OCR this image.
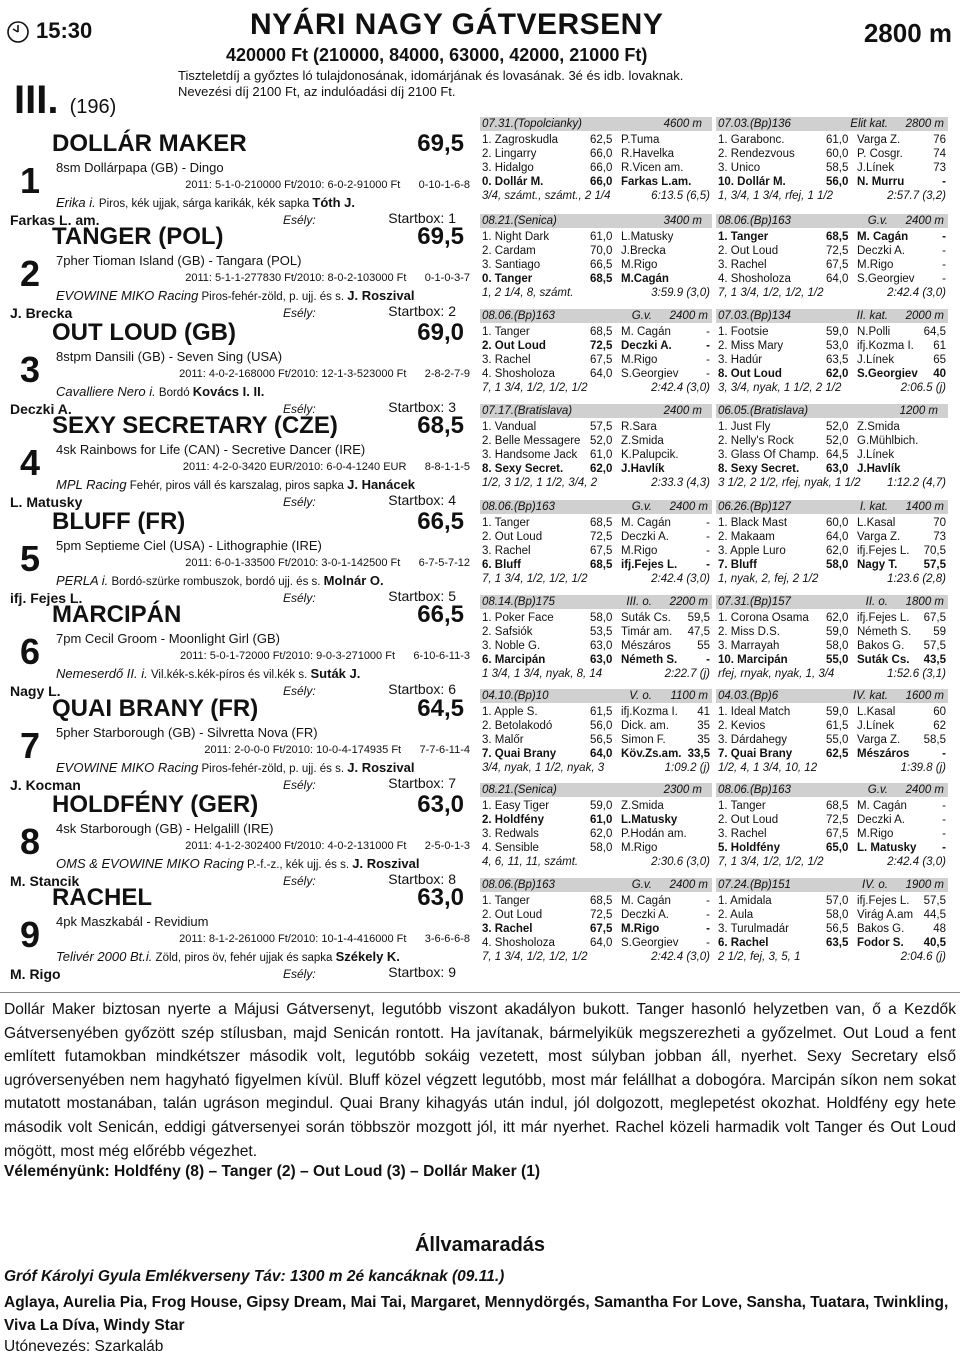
15:30
III. (196)
NYÁRI NAGY GÁTVERSENY	2800 m
420000 Ft (210000, 84000, 63000, 42000, 21000 Ft)
Tiszteletdíj a győztes ló tulajdonosának, idomárjának és lovasának. 3é és idb. lovaknak.
Nevezési díj 2100 Ft, az indulóadási díj 2100 Ft.
1
DOLLÁR MAKER	69,5
8sm Dollárpapa (GB) - Dingo
2011: 5-1-0-210000 Ft/2010: 6-0-2-91000 Ft      0-10-1-6-8
Erika i. Piros, kék ujjak, sárga karikák, kék sapka Tóth J.
Farkas L. am.	Esély:	Startbox: 1
2
TANGER (POL)	69,5
7pher Tioman Island (GB) - Tangara (POL)
2011: 5-1-1-277830 Ft/2010: 8-0-2-103000 Ft      0-1-0-3-7
EVOWINE MIKO Racing Piros-fehér-zöld, p. ujj. és s. J. Roszival
J. Brecka	Esély:	Startbox: 2
3
OUT LOUD (GB)	69,0
8stpm Dansili (GB) - Seven Sing (USA)
2011: 4-0-2-168000 Ft/2010: 12-1-3-523000 Ft      2-8-2-7-9
Cavalliere Nero i. Bordó Kovács I. II.
Deczki A.	Esély:	Startbox: 3
4
SEXY SECRETARY (CZE)	68,5
4sk Rainbows for Life (CAN) - Secretive Dancer (IRE)
2011: 4-2-0-3420 EUR/2010: 6-0-4-1240 EUR      8-8-1-1-5
MPL Racing Fehér, piros váll és karszalag, piros sapka J. Hanácek
L. Matusky	Esély:	Startbox: 4
5
BLUFF (FR)	66,5
5pm Septieme Ciel (USA) - Lithographie (IRE)
2011: 6-0-1-33500 Ft/2010: 3-0-1-142500 Ft      6-7-5-7-12
PERLA i. Bordó-szürke rombuszok, bordó ujj. és s. Molnár O.
ifj. Fejes L.	Esély:	Startbox: 5
6
MARCIPÁN	66,5
7pm Cecil Groom - Moonlight Girl (GB)
2011: 5-0-1-72000 Ft/2010: 9-0-3-271000 Ft      6-10-6-11-3
Nemeserdő II. i. Vil.kék-s.kék-píros és vil.kék s. Suták J.
Nagy L.	Esély:	Startbox: 6
7
QUAI BRANY (FR)	64,5
5pher Starborough (GB) - Silvretta Nova (FR)
2011: 2-0-0-0 Ft/2010: 10-0-4-174935 Ft      7-7-6-11-4
EVOWINE MIKO Racing Piros-fehér-zöld, p. ujj. és s. J. Roszival
J. Kocman	Esély:	Startbox: 7
8
HOLDFÉNY (GER)	63,0
4sk Starborough (GB) - Helgalill (IRE)
2011: 4-1-2-302400 Ft/2010: 4-0-2-131000 Ft      2-5-0-1-3
OMS & EVOWINE MIKO Racing P.-f.-z., kék ujj. és s. J. Roszival
M. Stancik	Esély:	Startbox: 8
9
RACHEL	63,0
4pk Maszkabál - Revidium
2011: 8-1-2-261000 Ft/2010: 10-1-4-416000 Ft      3-6-6-6-8
Telivér 2000 Bt.i. Zöld, piros öv, fehér ujjak és sapka Székely K.
M. Rigo	Esély:	Startbox: 9
07.31.(Topolcianky)	4600 m
1. Zagroskudla	62,5 P.Tuma
2. Lingarry	66,0 R.Havelka
3. Hidalgo	66,0 R.Vicen am.
0. Dollár M.	66,0 Farkas L.am.
3/4, számt., számt., 2 1/4	6:13.5 (6,5)
07.03.(Bp)136	Elit kat. 2800 m
1. Garabonc.	61,0 Varga Z.	76
2. Rendezvous	60,0 P. Cosgr.	74
3. Unico	58,5 J.Línek	73
10. Dollár M.	56,0 N. Murru	-
1, 3/4, 1 3/4, rfej, 1 1/2	2:57.7 (3,2)
08.21.(Senica)	3400 m
1. Night Dark	61,0 L.Matusky
2. Cardam	70,0 J.Brecka
3. Santiago	66,5 M.Rigo
0. Tanger	68,5 M.Cagán
1, 2 1/4, 8, számt.	3:59.9 (3,0)
08.06.(Bp)163	G.v. 2400 m
1. Tanger	68,5 M. Cagán	-
2. Out Loud	72,5 Deczki A.	-
3. Rachel	67,5 M.Rigo	-
4. Shosholoza	64,0 S.Georgiev -
7, 1 3/4, 1/2, 1/2, 1/2	2:42.4 (3,0)
08.06.(Bp)163	G.v. 2400 m
1. Tanger	68,5 M. Cagán	-
2. Out Loud	72,5 Deczki A.	-
3. Rachel	67,5 M.Rigo	-
4. Shosholoza	64,0 S.Georgiev -
7, 1 3/4, 1/2, 1/2, 1/2	2:42.4 (3,0)
07.03.(Bp)134	II. kat. 2000 m
1. Footsie	59,0 N.Polli	64,5
2. Miss Mary	53,0 ifj.Kozma I. 61
3. Hadúr	63,5 J.Línek	65
8. Out Loud	62,0 S.Georgiev 40
3, 3/4, nyak, 1 1/2, 2 1/2	2:06.5 (j)
07.17.(Bratislava)	2400 m
1. Vandual	57,5 R.Sara
2. Belle Messagere 52,0 Z.Smida
3. Handsome Jack 61,0 K.Palupcik.
8. Sexy Secret. 62,0 J.Havlík
1/2, 3 1/2, 1 1/2, 3/4, 2	2:33.3 (4,3)
06.05.(Bratislava)	1200 m
1. Just Fly	52,0 Z.Smida
2. Nelly's Rock	52,0 G.Mühlbich.
3. Glass Of Champ. 64,5 J.Línek
8. Sexy Secret. 63,0 J.Havlík
3 1/2, 2 1/2, rfej, nyak, 1 1/2 1:12.2 (4,7)
08.06.(Bp)163	G.v. 2400 m
1. Tanger	68,5 M. Cagán	-
2. Out Loud	72,5 Deczki A.	-
3. Rachel	67,5 M.Rigo	-
6. Bluff	68,5 ifj.Fejes L.	-
7, 1 3/4, 1/2, 1/2, 1/2	2:42.4 (3,0)
06.26.(Bp)127	I. kat. 1400 m
1. Black Mast	60,0 L.Kasal	70
2. Makaam	64,0 Varga Z.	73
3. Apple Luro	62,0 ifj.Fejes L. 70,5
7. Bluff	58,0 Nagy T. 57,5
1, nyak, 2, fej, 2 1/2	1:23.6 (2,8)
08.14.(Bp)175	III. o. 2200 m
1. Poker Face	58,0 Suták Cs. 59,5
2. Safsiók	53,5 Timár am. 47,5
3. Noble G.	63,0 Mészáros 55
6. Marcipán	63,0 Németh S.	-
1 3/4, 1 3/4, nyak, 8, 14	2:22.7 (j)
07.31.(Bp)157	II. o. 1800 m
1. Corona Osama 62,0 ifj.Fejes L. 67,5
2. Miss D.S.	59,0 Németh S. 59
3. Marrayah	58,0 Bakos G. 57,5
10. Marcipán	55,0 Suták Cs. 43,5
rfej, rnyak, nyak, 1, 3/4	1:52.6 (3,1)
04.10.(Bp)10	V. o. 1100 m
1. Apple S.	61,5 ifj.Kozma I. 41
2. Betolakodó	56,0 Dick. am. 35
3. Malőr	56,5 Simon F.	35
7. Quai Brany	64,0 Köv.Zs.am. 33,5
3/4, nyak, 1 1/2, nyak, 3	1:09.2 (j)
04.03.(Bp)6	IV. kat. 1600 m
1. Ideal Match	59,0 L.Kasal	60
2. Kevios	61,5 J.Línek	62
3. Dárdahegy	55,0 Varga Z. 58,5
7. Quai Brany	62,5 Mészáros	-
1/2, 4, 1 3/4, 10, 12	1:39.8 (j)
08.21.(Senica)	2300 m
1. Easy Tiger	59,0 Z.Smida
2. Holdfény	61,0 L.Matusky
3. Redwals	62,0 P.Hodán am.
4. Sensible	58,0 M.Rigo
4, 6, 11, 11, számt.	2:30.6 (3,0)
08.06.(Bp)163	G.v. 2400 m
1. Tanger	68,5 M. Cagán	-
2. Out Loud	72,5 Deczki A.	-
3. Rachel	67,5 M.Rigo	-
5. Holdfény	65,0 L. Matusky -
7, 1 3/4, 1/2, 1/2, 1/2	2:42.4 (3,0)
08.06.(Bp)163	G.v. 2400 m
1. Tanger	68,5 M. Cagán	-
2. Out Loud	72,5 Deczki A.	-
3. Rachel	67,5 M.Rigo	-
4. Shosholoza	64,0 S.Georgiev -
7, 1 3/4, 1/2, 1/2, 1/2	2:42.4 (3,0)
07.24.(Bp)151	IV. o. 1900 m
1. Amidala	57,0 ifj.Fejes L. 57,5
2. Aula	58,0 Virág A.am 44,5
3. Turulmadár	56,5 Bakos G.	48
6. Rachel	63,5 Fodor S. 40,5
2 1/2, fej, 3, 5, 1	2:04.6 (j)
Dollár Maker biztosan nyerte a Májusi Gátversenyt, legutóbb viszont akadályon bukott. Tanger hasonló helyzetben van, ő a Kezdők Gátversenyében győzött szép stílusban, majd Senicán rontott. Ha javítanak, bármelyikük megszerezheti a győzelmet. Out Loud a fent említett futamokban mindkétszer második volt, legutóbb sokáig vezetett, most súlyban jobban áll, nyerhet. Sexy Secretary első ugróversenyében nem hagyható figyelmen kívül. Bluff közel végzett legutóbb, most már felállhat a dobogóra. Marcipán síkon nem sokat mutatott mostanában, talán ugráson megindul. Quai Brany kihagyás után indul, jól dolgozott, meglepetést okozhat. Holdfény egy hete második volt Senicán, eddigi gátversenyei során többször mozgott jól, itt már nyerhet. Rachel közeli harmadik volt Tanger és Out Loud mögött, most még előrébb végezhet.
Véleményünk: Holdfény (8) – Tanger (2) – Out Loud (3) – Dollár Maker (1)
Állvamaradás
Gróf Károlyi Gyula Emlékverseny Táv: 1300 m 2é kancáknak (09.11.)
Aglaya, Aurelia Pia, Frog House, Gipsy Dream, Mai Tai, Margaret, Mennydörgés, Samantha For Love, Sansha, Tuatara, Twinkling, Viva La Díva, Windy Star
Utónevezés: Szarkaláb
